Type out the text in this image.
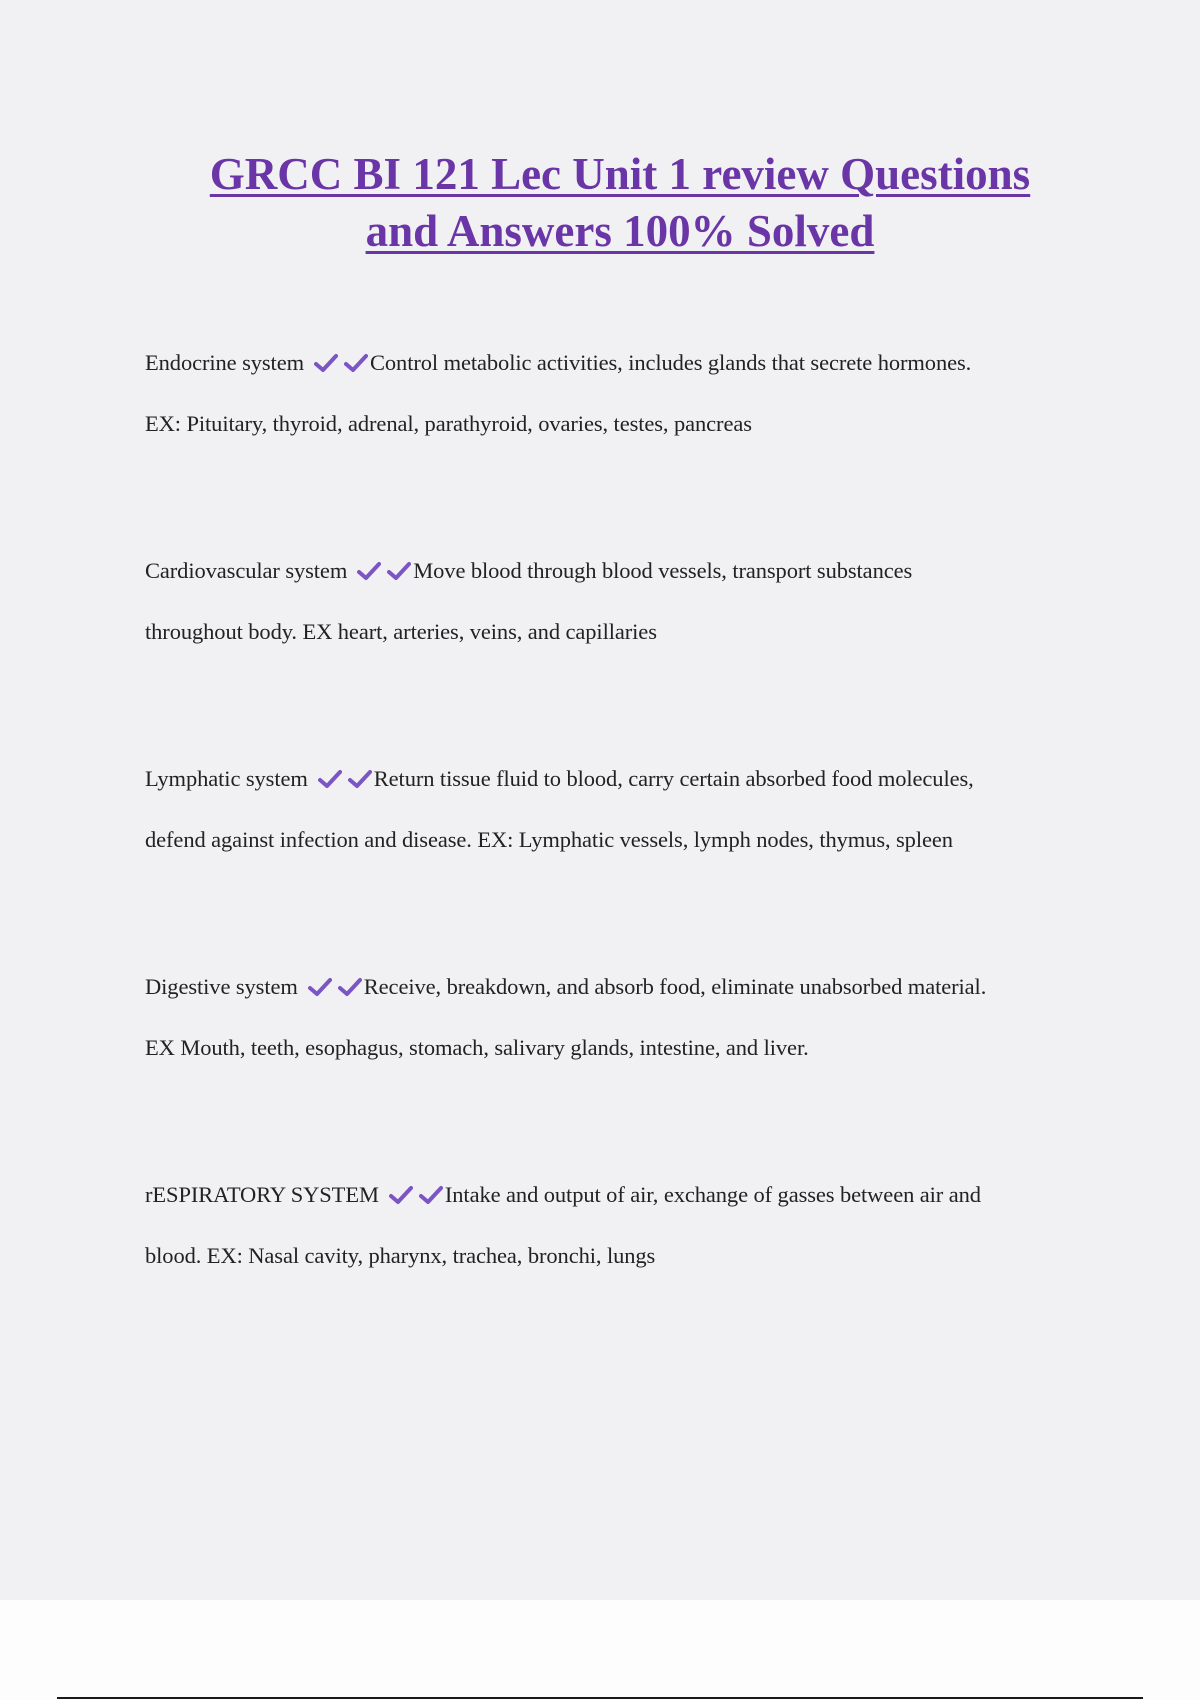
GRCC BI 121 Lec Unit 1 review Questions
and Answers 100% Solved
Endocrine system	Control metabolic activities, includes glands that secrete hormones.
EX: Pituitary, thyroid, adrenal, parathyroid, ovaries, testes, pancreas
Cardiovascular system	Move blood through blood vessels, transport substances
throughout body. EX heart, arteries, veins, and capillaries
Lymphatic system	Return tissue fluid to blood, carry certain absorbed food molecules,
defend against infection and disease. EX: Lymphatic vessels, lymph nodes, thymus, spleen
Digestive system	Receive, breakdown, and absorb food, eliminate unabsorbed material.
EX Mouth, teeth, esophagus, stomach, salivary glands, intestine, and liver.
rESPIRATORY SYSTEM	Intake and output of air, exchange of gasses between air and
blood. EX: Nasal cavity, pharynx, trachea, bronchi, lungs
